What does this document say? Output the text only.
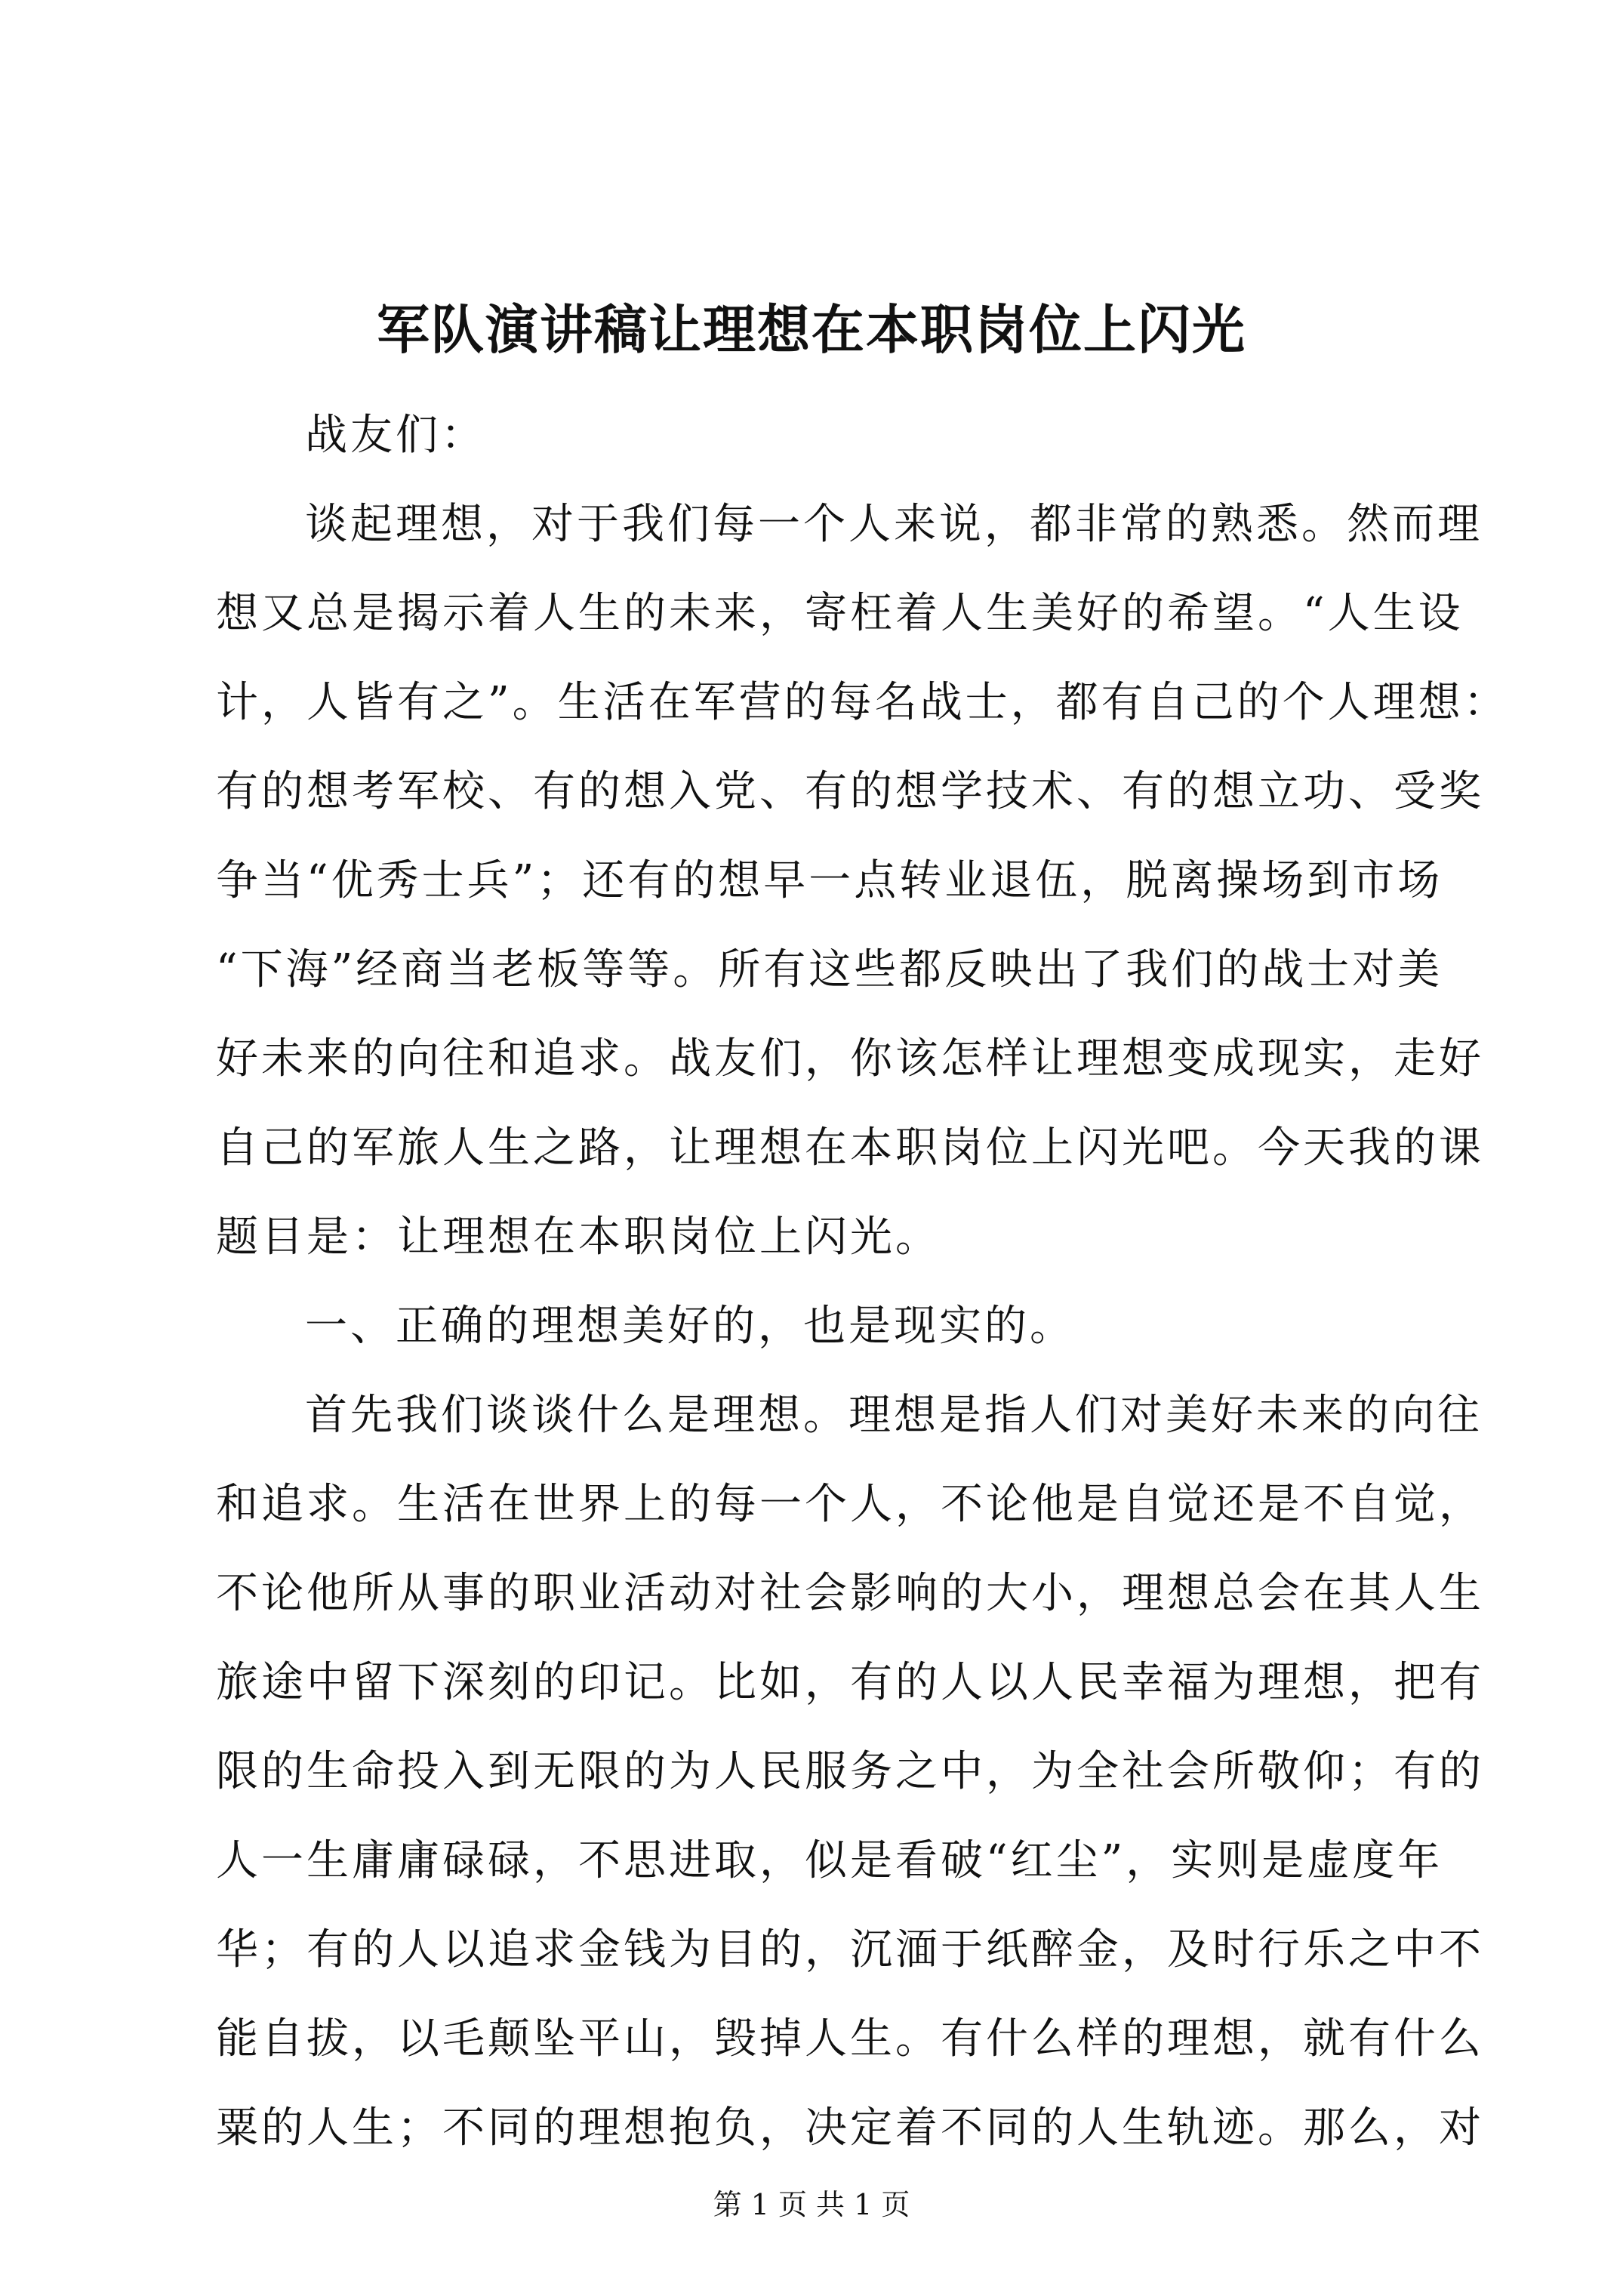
军队演讲稿让理想在本职岗位上闪光
战友们：
谈起理想，对于我们每一个人来说，都非常的熟悉。然而理
想又总是揭示着人生的未来，寄枉着人生美好的希望。“人生设
计，人皆有之”。生活在军营的每名战士，都有自己的个人理想：
有的想考军校、有的想入党、有的想学技术、有的想立功、受奖
争当“优秀士兵”；还有的想早一点转业退伍，脱离操场到市场
“下海”经商当老板等等。所有这些都反映出了我们的战士对美
好未来的向往和追求。战友们，你该怎样让理想变成现实，走好
自己的军旅人生之路，让理想在本职岗位上闪光吧。今天我的课
题目是：让理想在本职岗位上闪光。
一、正确的理想美好的，也是现实的。
首先我们谈谈什么是理想。理想是指人们对美好未来的向往
和追求。生活在世界上的每一个人，不论他是自觉还是不自觉，
不论他所从事的职业活动对社会影响的大小，理想总会在其人生
旅途中留下深刻的印记。比如，有的人以人民幸福为理想，把有
限的生命投入到无限的为人民服务之中，为全社会所敬仰；有的
人一生庸庸碌碌，不思进取，似是看破“红尘”，实则是虚度年
华；有的人以追求金钱为目的，沉湎于纸醉金，及时行乐之中不
能自拔，以毛颠坠平山，毁掉人生。有什么样的理想，就有什么
粟的人生；不同的理想抱负，决定着不同的人生轨迹。那么，对
第 1 页 共 1 页
